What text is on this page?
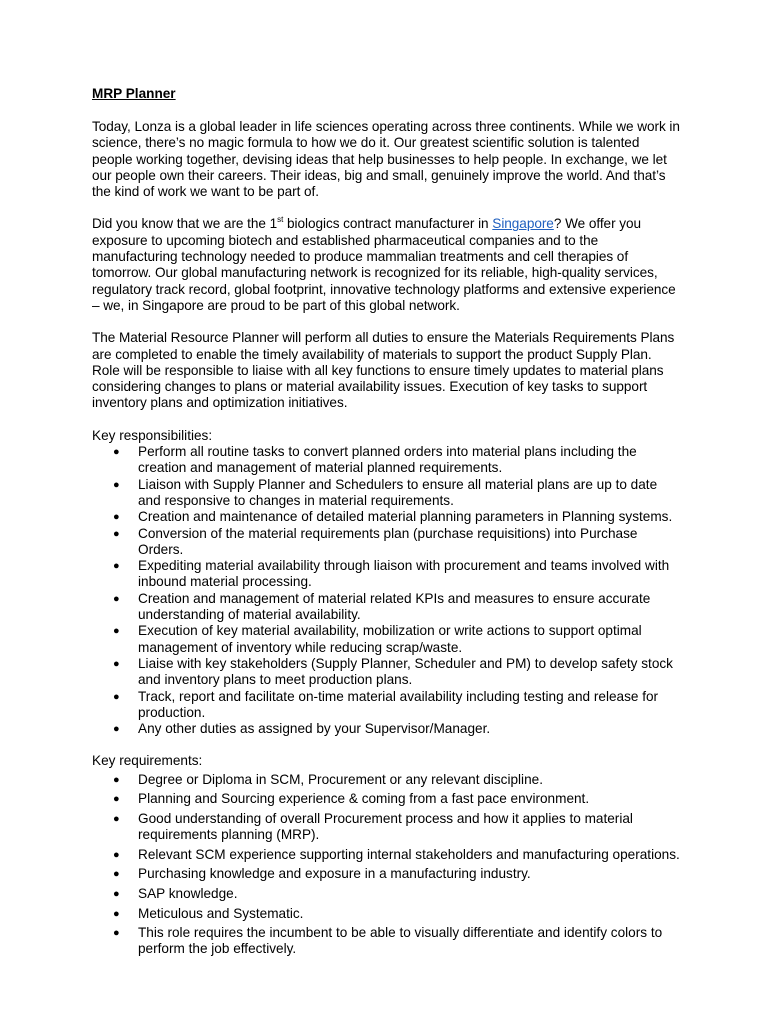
MRP Planner

Today, Lonza is a global leader in life sciences operating across three continents. While we work in science, there’s no magic formula to how we do it. Our greatest scientific solution is talented people working together, devising ideas that help businesses to help people. In exchange, we let our people own their careers. Their ideas, big and small, genuinely improve the world. And that’s the kind of work we want to be part of.

Did you know that we are the 1st biologics contract manufacturer in Singapore? We offer you exposure to upcoming biotech and established pharmaceutical companies and to the manufacturing technology needed to produce mammalian treatments and cell therapies of tomorrow. Our global manufacturing network is recognized for its reliable, high-quality services, regulatory track record, global footprint, innovative technology platforms and extensive experience – we, in Singapore are proud to be part of this global network.

The Material Resource Planner will perform all duties to ensure the Materials Requirements Plans are completed to enable the timely availability of materials to support the product Supply Plan. Role will be responsible to liaise with all key functions to ensure timely updates to material plans considering changes to plans or material availability issues. Execution of key tasks to support inventory plans and optimization initiatives.

Key responsibilities:
● Perform all routine tasks to convert planned orders into material plans including the creation and management of material planned requirements.
● Liaison with Supply Planner and Schedulers to ensure all material plans are up to date and responsive to changes in material requirements.
● Creation and maintenance of detailed material planning parameters in Planning systems.
● Conversion of the material requirements plan (purchase requisitions) into Purchase Orders.
● Expediting material availability through liaison with procurement and teams involved with inbound material processing.
● Creation and management of material related KPIs and measures to ensure accurate understanding of material availability.
● Execution of key material availability, mobilization or write actions to support optimal management of inventory while reducing scrap/waste.
● Liaise with key stakeholders (Supply Planner, Scheduler and PM) to develop safety stock and inventory plans to meet production plans.
● Track, report and facilitate on-time material availability including testing and release for production.
● Any other duties as assigned by your Supervisor/Manager.
Key requirements:
● Degree or Diploma in SCM, Procurement or any relevant discipline.
● Planning and Sourcing experience & coming from a fast pace environment.
● Good understanding of overall Procurement process and how it applies to material requirements planning (MRP).
● Relevant SCM experience supporting internal stakeholders and manufacturing operations.
● Purchasing knowledge and exposure in a manufacturing industry.
● SAP knowledge.
● Meticulous and Systematic.
● This role requires the incumbent to be able to visually differentiate and identify colors to perform the job effectively.
